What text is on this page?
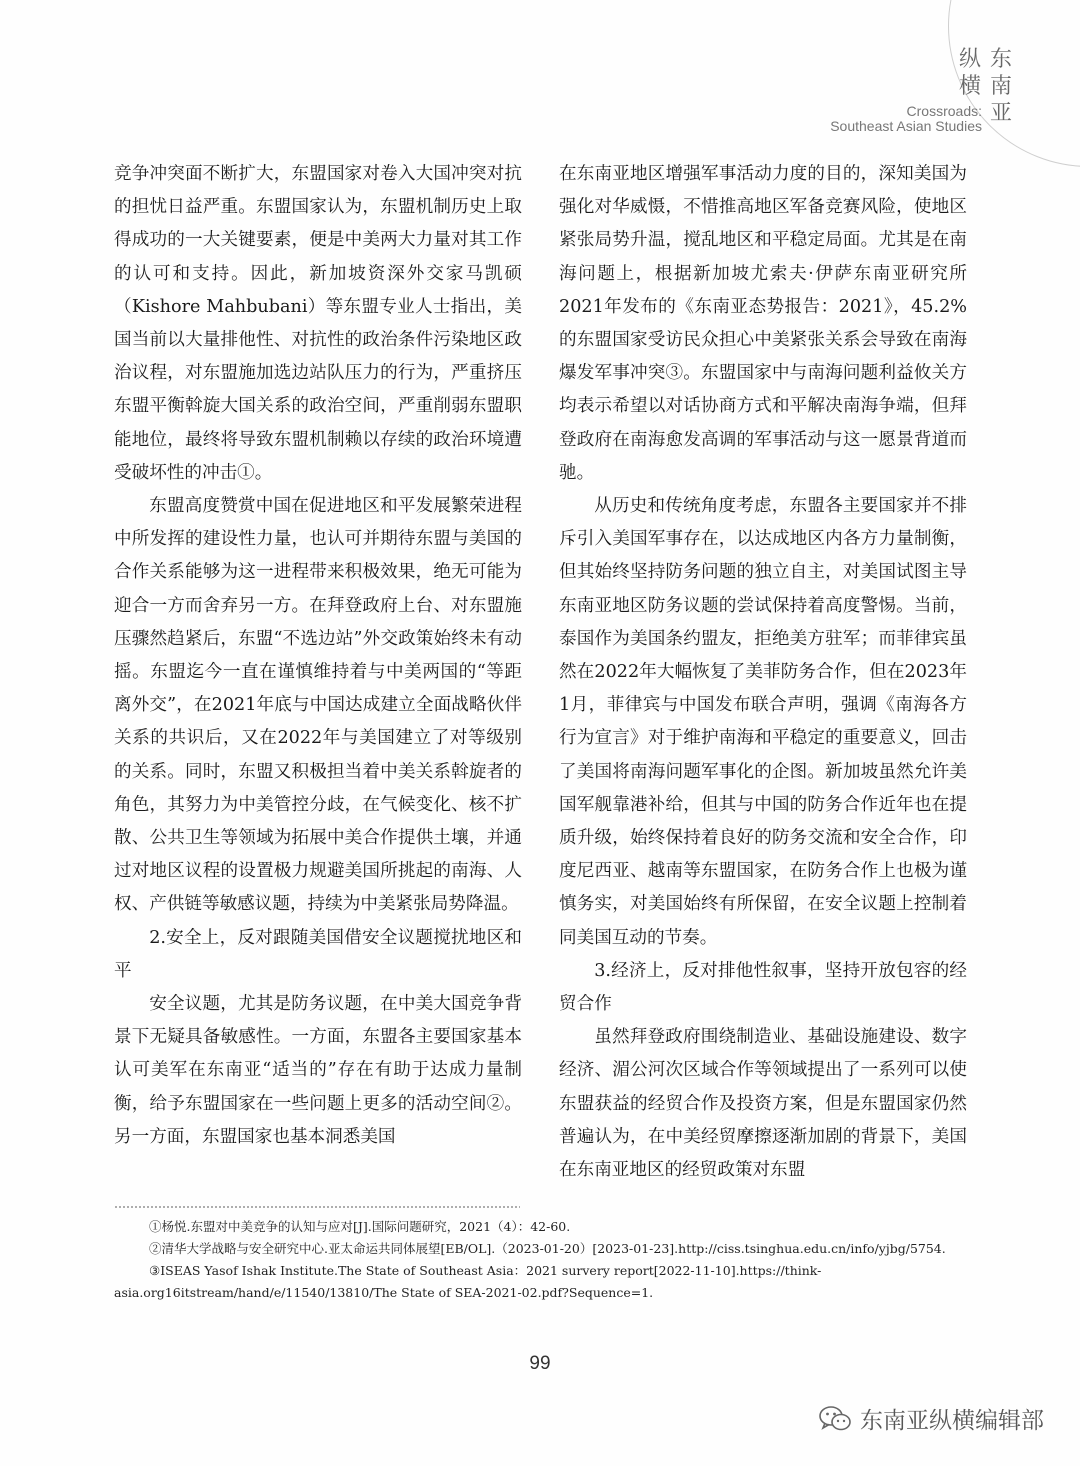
纵
横
东
南
亚
Crossroads:
Southeast Asian Studies

竞争冲突面不断扩大，东盟国家对卷入大国冲突对抗的担忧日益严重。东盟国家认为，东盟机制历史上取得成功的一大关键要素，便是中美两大力量对其工作的认可和支持。因此，新加坡资深外交家马凯硕（Kishore Mahbubani）等东盟专业人士指出，美国当前以大量排他性、对抗性的政治条件污染地区政治议程，对东盟施加选边站队压力的行为，严重挤压东盟平衡斡旋大国关系的政治空间，严重削弱东盟职能地位，最终将导致东盟机制赖以存续的政治环境遭受破坏性的冲击①。

东盟高度赞赏中国在促进地区和平发展繁荣进程中所发挥的建设性力量，也认可并期待东盟与美国的合作关系能够为这一进程带来积极效果，绝无可能为迎合一方而舍弃另一方。在拜登政府上台、对东盟施压骤然趋紧后，东盟“不选边站”外交政策始终未有动摇。东盟迄今一直在谨慎维持着与中美两国的“等距离外交”，在2021年底与中国达成建立全面战略伙伴关系的共识后，又在2022年与美国建立了对等级别的关系。同时，东盟又积极担当着中美关系斡旋者的角色，其努力为中美管控分歧，在气候变化、核不扩散、公共卫生等领域为拓展中美合作提供土壤，并通过对地区议程的设置极力规避美国所挑起的南海、人权、产供链等敏感议题，持续为中美紧张局势降温。

2.安全上，反对跟随美国借安全议题搅扰地区和平

安全议题，尤其是防务议题，在中美大国竞争背景下无疑具备敏感性。一方面，东盟各主要国家基本认可美军在东南亚“适当的”存在有助于达成力量制衡，给予东盟国家在一些问题上更多的活动空间②。另一方面，东盟国家也基本洞悉美国

在东南亚地区增强军事活动力度的目的，深知美国为强化对华威慑，不惜推高地区军备竞赛风险，使地区紧张局势升温，搅乱地区和平稳定局面。尤其是在南海问题上，根据新加坡尤索夫·伊萨东南亚研究所2021年发布的《东南亚态势报告：2021》，45.2%的东盟国家受访民众担心中美紧张关系会导致在南海爆发军事冲突③。东盟国家中与南海问题利益攸关方均表示希望以对话协商方式和平解决南海争端，但拜登政府在南海愈发高调的军事活动与这一愿景背道而驰。

从历史和传统角度考虑，东盟各主要国家并不排斥引入美国军事存在，以达成地区内各方力量制衡，但其始终坚持防务问题的独立自主，对美国试图主导东南亚地区防务议题的尝试保持着高度警惕。当前，泰国作为美国条约盟友，拒绝美方驻军；而菲律宾虽然在2022年大幅恢复了美菲防务合作，但在2023年1月，菲律宾与中国发布联合声明，强调《南海各方行为宣言》对于维护南海和平稳定的重要意义，回击了美国将南海问题军事化的企图。新加坡虽然允许美国军舰靠港补给，但其与中国的防务合作近年也在提质升级，始终保持着良好的防务交流和安全合作，印度尼西亚、越南等东盟国家，在防务合作上也极为谨慎务实，对美国始终有所保留，在安全议题上控制着同美国互动的节奏。

3.经济上，反对排他性叙事，坚持开放包容的经贸合作

虽然拜登政府围绕制造业、基础设施建设、数字经济、湄公河次区域合作等领域提出了一系列可以使东盟获益的经贸合作及投资方案，但是东盟国家仍然普遍认为，在中美经贸摩擦逐渐加剧的背景下，美国在东南亚地区的经贸政策对东盟

①杨悦.东盟对中美竞争的认知与应对[J].国际问题研究，2021（4）：42-60.

②清华大学战略与安全研究中心.亚太命运共同体展望[EB/OL].（2023-01-20）[2023-01-23].http://ciss.tsinghua.edu.cn/info/yjbg/5754.

③ISEAS Yasof Ishak Institute.The State of Southeast Asia：2021 survery report[2022-11-10].https://think-asia.org16itstream/hand/e/11540/13810/The State of SEA-2021-02.pdf?Sequence=1.

99
东南亚纵横编辑部
